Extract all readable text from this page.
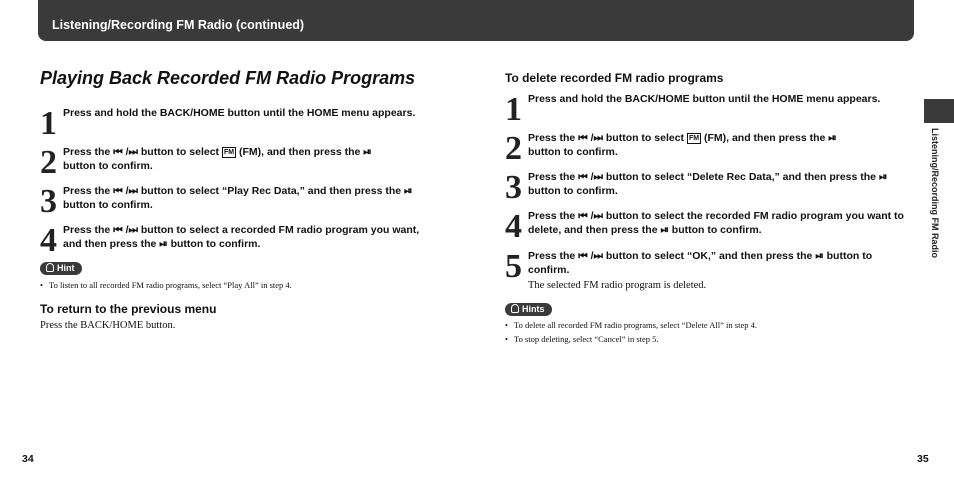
Listening/Recording FM Radio (continued)
Listening/Recording FM Radio
Playing Back Recorded FM Radio Programs
1 Press and hold the BACK/HOME button until the HOME menu appears.
2 Press the ⏮ /⏭ button to select FM (FM), and then press the ⏯
button to confirm.
3 Press the ⏮ /⏭ button to select “Play Rec Data,” and then press the ⏯ button to confirm.
4 Press the ⏮ /⏭ button to select a recorded FM radio program you want, and then press the ⏯ button to confirm.
Hint
• To listen to all recorded FM radio programs, select “Play All” in step 4.
To return to the previous menu
Press the BACK/HOME button.
To delete recorded FM radio programs
1 Press and hold the BACK/HOME button until the HOME menu appears.
2 Press the ⏮ /⏭ button to select FM (FM), and then press the ⏯
button to confirm.
3 Press the ⏮ /⏭ button to select “Delete Rec Data,” and then press the ⏯ button to confirm.
4 Press the ⏮ /⏭ button to select the recorded FM radio program you want to delete, and then press the ⏯ button to confirm.
5 Press the ⏮ /⏭ button to select “OK,” and then press the ⏯ button to confirm.
The selected FM radio program is deleted.
Hints
• To delete all recorded FM radio programs, select “Delete All” in step 4.
• To stop deleting, select “Cancel” in step 5.
34	35
